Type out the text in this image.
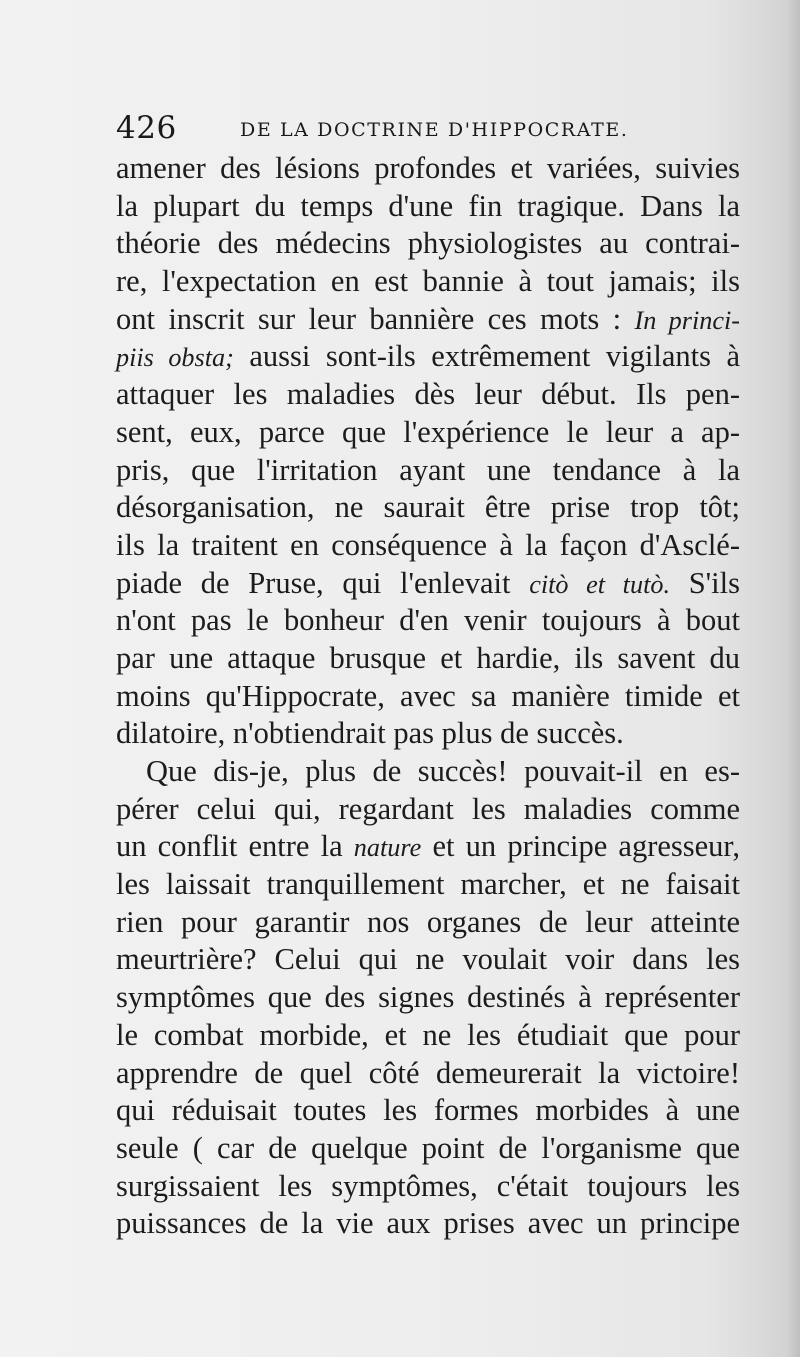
426	DE LA DOCTRINE D'HIPPOCRATE.
amener des lésions profondes et variées, suivies
la plupart du temps d'une fin tragique. Dans la
théorie des médecins physiologistes au contrai-
re, l'expectation en est bannie à tout jamais; ils
ont inscrit sur leur bannière ces mots : In princi-
piis obsta; aussi sont-ils extrêmement vigilants à
attaquer les maladies dès leur début. Ils pen-
sent, eux, parce que l'expérience le leur a ap-
pris, que l'irritation ayant une tendance à la
désorganisation, ne saurait être prise trop tôt;
ils la traitent en conséquence à la façon d'Asclé-
piade de Pruse, qui l'enlevait citò et tutò. S'ils
n'ont pas le bonheur d'en venir toujours à bout
par une attaque brusque et hardie, ils savent du
moins qu'Hippocrate, avec sa manière timide et
dilatoire, n'obtiendrait pas plus de succès.
Que dis-je, plus de succès! pouvait-il en es-
pérer celui qui, regardant les maladies comme
un conflit entre la nature et un principe agresseur,
les laissait tranquillement marcher, et ne faisait
rien pour garantir nos organes de leur atteinte
meurtrière? Celui qui ne voulait voir dans les
symptômes que des signes destinés à représenter
le combat morbide, et ne les étudiait que pour
apprendre de quel côté demeurerait la victoire!
qui réduisait toutes les formes morbides à une
seule ( car de quelque point de l'organisme que
surgissaient les symptômes, c'était toujours les
puissances de la vie aux prises avec un principe
